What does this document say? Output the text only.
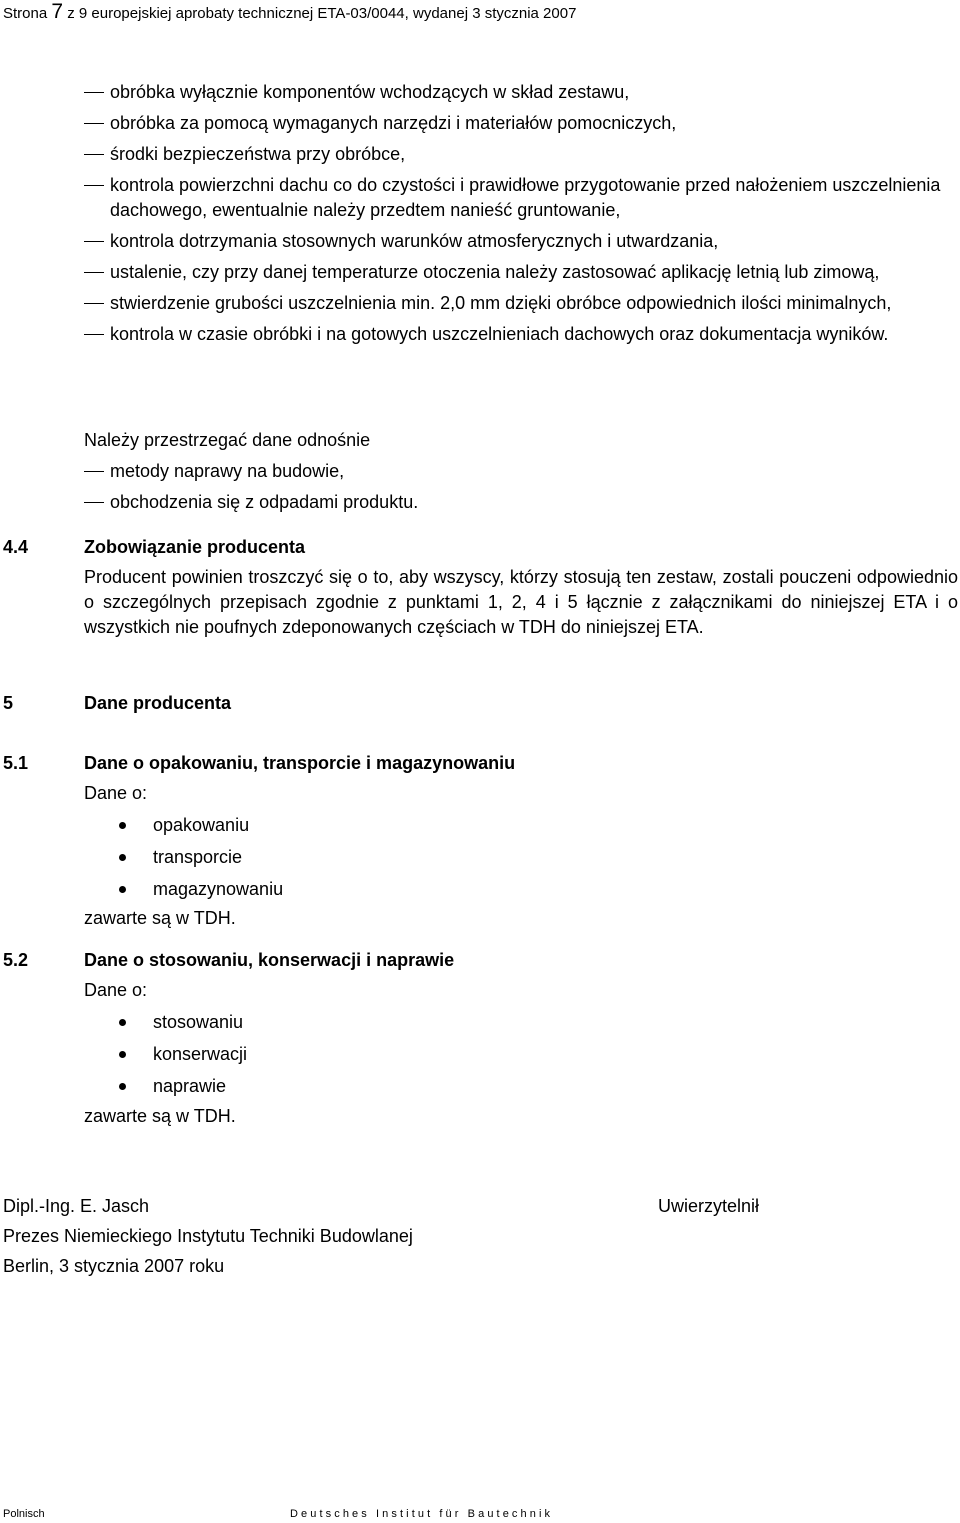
Strona 7 z 9 europejskiej aprobaty technicznej ETA-03/0044, wydanej 3 stycznia 2007
obróbka wyłącznie komponentów wchodzących w skład zestawu,
obróbka za pomocą wymaganych narzędzi i materiałów pomocniczych,
środki bezpieczeństwa przy obróbce,
kontrola powierzchni dachu co do czystości i prawidłowe przygotowanie przed nałożeniem uszczelnienia dachowego, ewentualnie należy przedtem nanieść gruntowanie,
kontrola dotrzymania stosownych warunków atmosferycznych i utwardzania,
ustalenie, czy przy danej temperaturze otoczenia należy zastosować aplikację letnią lub zimową,
stwierdzenie grubości uszczelnienia min. 2,0 mm dzięki obróbce odpowiednich ilości minimalnych,
kontrola w czasie obróbki i na gotowych uszczelnieniach dachowych oraz dokumentacja wyników.
Należy przestrzegać dane odnośnie
metody naprawy na budowie,
obchodzenia się z odpadami produktu.
4.4	Zobowiązanie producenta
Producent powinien troszczyć się o to, aby wszyscy, którzy stosują ten zestaw, zostali pouczeni odpowiednio o szczególnych przepisach zgodnie z punktami 1, 2, 4 i 5 łącznie z załącznikami do niniejszej ETA i o wszystkich nie poufnych zdeponowanych częściach w TDH do niniejszej ETA.
5	Dane producenta
5.1	Dane o opakowaniu, transporcie i magazynowaniu
Dane o:
opakowaniu
transporcie
magazynowaniu
zawarte są w TDH.
5.2	Dane o stosowaniu, konserwacji i naprawie
Dane o:
stosowaniu
konserwacji
naprawie
zawarte są w TDH.
Dipl.-Ing. E. Jasch	Uwierzytelnił
Prezes Niemieckiego Instytutu Techniki Budowlanej
Berlin, 3 stycznia 2007 roku
Polnisch	Deutsches Institut für Bautechnik
